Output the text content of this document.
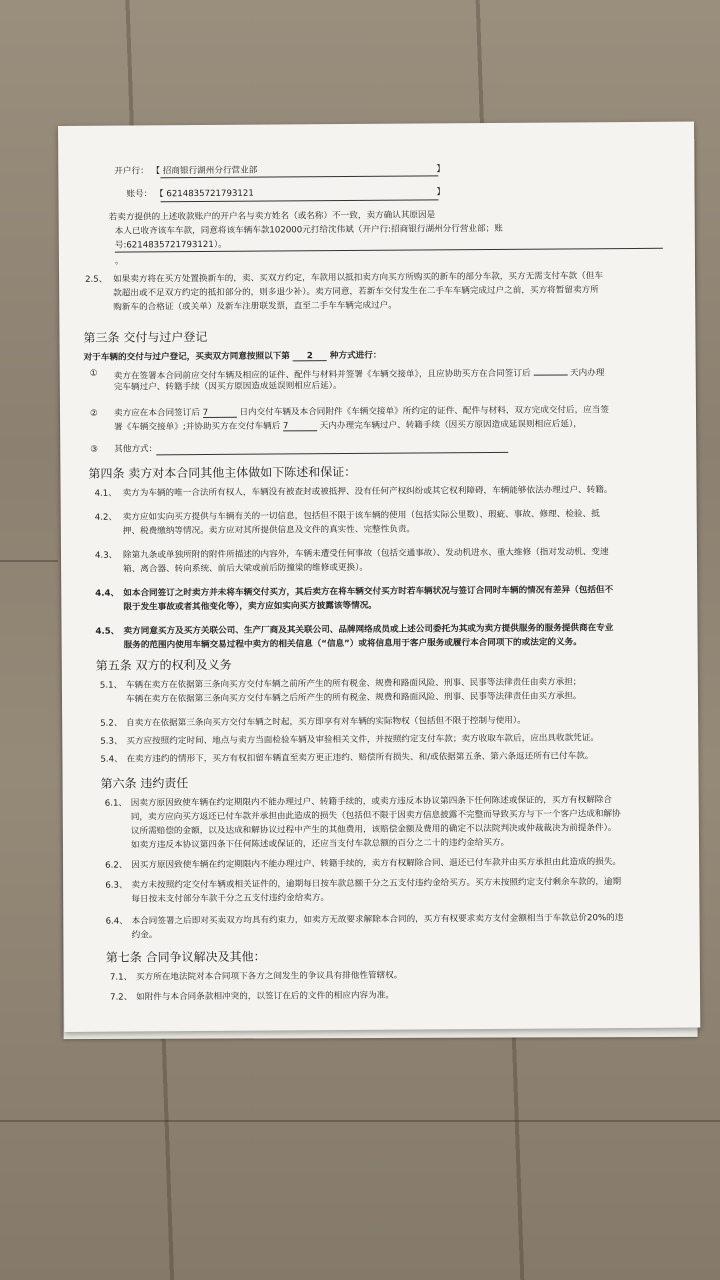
开户行： 【 招商银行湖州分行营业部	】
账号： 【 6214835721793121	】
若卖方提供的上述收款账户的开户名与卖方姓名（或名称）不一致，卖方确认其原因是
本人已收齐该车车款，同意将该车辆车款102000元打给沈伟斌（开户行:招商银行湖州分行营业部；账
号:6214835721793121）。
。
2.5、 如果卖方将在买方处置换新车的，卖、买双方约定，车款用以抵扣卖方向买方所购买的新车的部分车款，买方无需支付车款（但车
款超出或不足双方约定的抵扣部分的，则多退少补）。卖方同意，若新车交付发生在二手车车辆完成过户之前，买方将暂留卖方所
购新车的合格证（或关单）及新车注册联发票，直至二手车车辆完成过户。
第三条 交付与过户登记
对于车辆的交付与过户登记，买卖双方同意按照以下第 2 种方式进行：
① 卖方在签署本合同前应交付车辆及相应的证件、配件与材料并签署《车辆交接单》，且应协助买方在合同签订后	天内办理
完车辆过户、转籍手续（因买方原因造成延误则相应后延）。
② 卖方应在本合同签订后 7	日内交付车辆及本合同附件《车辆交接单》所约定的证件、配件与材料，双方完成交付后，应当签
署《车辆交接单》;并协助买方在交付车辆后 7	天内办理完车辆过户、转籍手续（因买方原因造成延误则相应后延），
③ 其他方式：
第四条 卖方对本合同其他主体做如下陈述和保证：
4.1、 卖方为车辆的唯一合法所有权人，车辆没有被查封或被抵押、没有任何产权纠纷或其它权利障碍，车辆能够依法办理过户、转籍。
4.2、 卖方应如实向买方提供与车辆有关的一切信息，包括但不限于该车辆的使用（包括实际公里数）、瑕疵、事故、修理、检验、抵
押、税费缴纳等情况。卖方应对其所提供信息及文件的真实性、完整性负责。
4.3、 除第九条或单独所附的附件所描述的内容外，车辆未遭受任何事故（包括交通事故）、发动机进水、重大维修（指对发动机、变速
箱、离合器、转向系统、前后大梁或前后防撞梁的维修或更换）。
4.4、 如本合同签订之时卖方并未将车辆交付买方，其后卖方在将车辆交付买方时若车辆状况与签订合同时车辆的情况有差异（包括但不
限于发生事故或者其他变化等），卖方应如实向买方披露该等情况。
4.5、 卖方同意买方及买方关联公司、生产厂商及其关联公司、品牌网络成员或上述公司委托为其或为卖方提供服务的服务提供商在专业
服务的范围内使用车辆交易过程中卖方的相关信息（“信息”）或将信息用于客户服务或履行本合同项下的或法定的义务。
第五条 双方的权利及义务
5.1、 车辆在卖方在依据第三条向买方交付车辆之前所产生的所有税金、规费和路面风险、刑事、民事等法律责任由卖方承担；
车辆在卖方在依据第三条向买方交付车辆之后所产生的所有税金、规费和路面风险、刑事、民事等法律责任由买方承担。
5.2、 自卖方在依据第三条向买方交付车辆之时起，买方即享有对车辆的实际物权（包括但不限于控制与使用）。
5.3、 买方应按照约定时间、地点与卖方当面检验车辆及审验相关文件，并按照约定支付车款；卖方收取车款后，应出具收款凭证。
5.4、 在卖方违约的情形下，买方有权扣留车辆直至卖方更正违约、赔偿所有损失、和/或依据第五条、第六条返还所有已付车款。
第六条 违约责任
6.1、 因卖方原因致使车辆在约定期限内不能办理过户、转籍手续的，或卖方违反本协议第四条下任何陈述或保证的，买方有权解除合
同，卖方应向买方返还已付车款并承担由此造成的损失（包括但不限于因卖方信息披露不完整而导致买方与下一个客户达成和解协
议所需赔偿的金额，以及达成和解协议过程中产生的其他费用，该赔偿金额及费用的确定不以法院判决或仲裁裁决为前提条件）。
如卖方违反本协议第四条下任何陈述或保证的，还应当支付车款总额的百分之二十的违约金给买方。
6.2、 因买方原因致使车辆在约定期限内不能办理过户、转籍手续的，卖方有权解除合同、退还已付车款并由买方承担由此造成的损失。
6.3、 卖方未按照约定交付车辆或相关证件的，逾期每日按车款总额千分之五支付违约金给买方。买方未按照约定支付剩余车款的，逾期
每日按未支付部分车款千分之五支付违约金给卖方。
6.4、 本合同签署之后即对买卖双方均具有约束力，如卖方无故要求解除本合同的，买方有权要求卖方支付金额相当于车款总价20%的违
约金。
第七条 合同争议解决及其他：
7.1、 买方所在地法院对本合同项下各方之间发生的争议具有排他性管辖权。
7.2、 如附件与本合同条款相冲突的，以签订在后的文件的相应内容为准。
